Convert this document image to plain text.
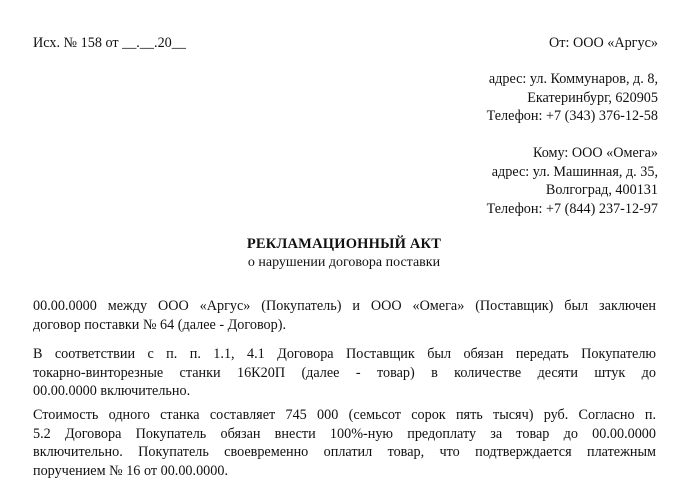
Исх. № 158 от __.__.20__	От: ООО «Аргус»
адрес: ул. Коммунаров, д. 8,
Екатеринбург, 620905
Телефон: +7 (343) 376-12-58
Кому: ООО «Омега»
адрес: ул. Машинная, д. 35,
Волгоград, 400131
Телефон: +7 (844) 237-12-97
РЕКЛАМАЦИОННЫЙ АКТ
о нарушении договора поставки
00.00.0000 между ООО «Аргус» (Покупатель) и ООО «Омега» (Поставщик) был заключен
договор поставки № 64 (далее - Договор).
В соответствии с п. п. 1.1, 4.1 Договора Поставщик был обязан передать Покупателю
токарно-винторезные станки 16К20П (далее - товар) в количестве десяти штук до
00.00.0000 включительно.
Стоимость одного станка составляет 745 000 (семьсот сорок пять тысяч) руб. Согласно п.
5.2 Договора Покупатель обязан внести 100%-ную предоплату за товар до 00.00.0000
включительно. Покупатель своевременно оплатил товар, что подтверждается платежным
поручением № 16 от 00.00.0000.
